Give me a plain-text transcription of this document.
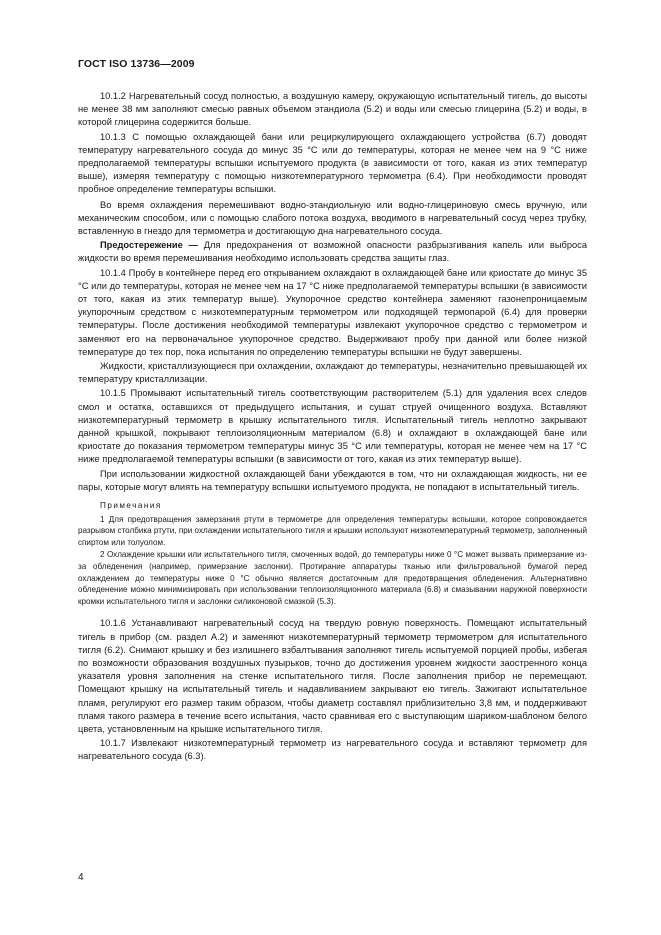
ГОСТ ISO 13736—2009

10.1.2 Нагревательный сосуд полностью, а воздушную камеру, окружающую испытательный тигель, до высоты не менее 38 мм заполняют смесью равных объемом этандиола (5.2) и воды или смесью глицерина (5.2) и воды, в которой глицерина содержится больше.

10.1.3 С помощью охлаждающей бани или рециркулирующего охлаждающего устройства (6.7) доводят температуру нагревательного сосуда до минус 35 °С или до температуры, которая не менее чем на 9 °С ниже предполагаемой температуры вспышки испытуемого продукта (в зависимости от того, какая из этих температур выше), измеряя температуру с помощью низкотемпературного термометра (6.4). При необходимости проводят пробное определение температуры вспышки.

Во время охлаждения перемешивают водно-этандиольную или водно-глицериновую смесь вручную, или механическим способом, или с помощью слабого потока воздуха, вводимого в нагревательный сосуд через трубку, вставленную в гнездо для термометра и достигающую дна нагревательного сосуда.

Предостережение — Для предохранения от возможной опасности разбрызгивания капель или выброса жидкости во время перемешивания необходимо использовать средства защиты глаз.

10.1.4 Пробу в контейнере перед его открыванием охлаждают в охлаждающей бане или криостате до минус 35 °С или до температуры, которая не менее чем на 17 °С ниже предполагаемой температуры вспышки (в зависимости от того, какая из этих температур выше). Укупорочное средство контейнера заменяют газонепроницаемым укупорочным средством с низкотемпературным термометром или подходящей термопарой (6.4) для проверки температуры. После достижения необходимой температуры извлекают укупорочное средство с термометром и заменяют его на первоначальное укупорочное средство. Выдерживают пробу при данной или более низкой температуре до тех пор, пока испытания по определению температуры вспышки не будут завершены.

Жидкости, кристаллизующиеся при охлаждении, охлаждают до температуры, незначительно превышающей их температуру кристаллизации.

10.1.5 Промывают испытательный тигель соответствующим растворителем (5.1) для удаления всех следов смол и остатка, оставшихся от предыдущего испытания, и сушат струей очищенного воздуха. Вставляют низкотемпературный термометр в крышку испытательного тигля. Испытательный тигель неплотно закрывают данной крышкой, покрывают теплоизоляционным материалом (6.8) и охлаждают в охлаждающей бане или криостате до показания термометром температуры минус 35 °С или температуры, которая не менее чем на 17 °С ниже предполагаемой температуры вспышки (в зависимости от того, какая из этих температур выше).

При использовании жидкостной охлаждающей бани убеждаются в том, что ни охлаждающая жидкость, ни ее пары, которые могут влиять на температуру вспышки испытуемого продукта, не попадают в испытательный тигель.

Примечания

1 Для предотвращения замерзания ртути в термометре для определения температуры вспышки, которое сопровождается разрывом столбика ртути, при охлаждении испытательного тигля и крышки используют низкотемпературный термометр, заполненный спиртом или толуолом.

2 Охлаждение крышки или испытательного тигля, смоченных водой, до температуры ниже 0 °С может вызвать примерзание из-за обледенения (например, примерзание заслонки). Протирание аппаратуры тканью или фильтровальной бумагой перед охлаждением до температуры ниже 0 °С обычно является достаточным для предотвращения обледенения. Альтернативно обледенение можно минимизировать при использовании теплоизоляционного материала (6.8) и смазывании наружной поверхности кромки испытательного тигля и заслонки силиконовой смазкой (5.3).

10.1.6 Устанавливают нагревательный сосуд на твердую ровную поверхность. Помещают испытательный тигель в прибор (см. раздел А.2) и заменяют низкотемпературный термометр термометром для испытательного тигля (6.2). Снимают крышку и без излишнего взбалтывания заполняют тигель испытуемой порцией пробы, избегая по возможности образования воздушных пузырьков, точно до достижения уровнем жидкости заостренного конца указателя уровня заполнения на стенке испытательного тигля. После заполнения прибор не перемещают. Помещают крышку на испытательный тигель и надавливанием закрывают ею тигель. Зажигают испытательное пламя, регулируют его размер таким образом, чтобы диаметр составлял приблизительно 3,8 мм, и поддерживают пламя такого размера в течение всего испытания, часто сравнивая его с выступающим шариком-шаблоном белого цвета, установленным на крышке испытательного тигля.

10.1.7 Извлекают низкотемпературный термометр из нагревательного сосуда и вставляют термометр для нагревательного сосуда (6.3).

4
